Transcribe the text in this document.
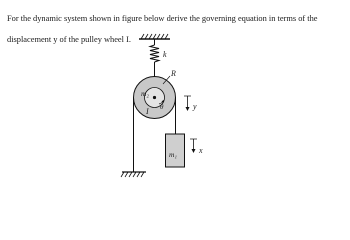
For the dynamic system shown in figure below derive the governing equation in terms of the

displacement y of the pulley wheel I.

k
R
m₂
I θ	y
m₁	x
